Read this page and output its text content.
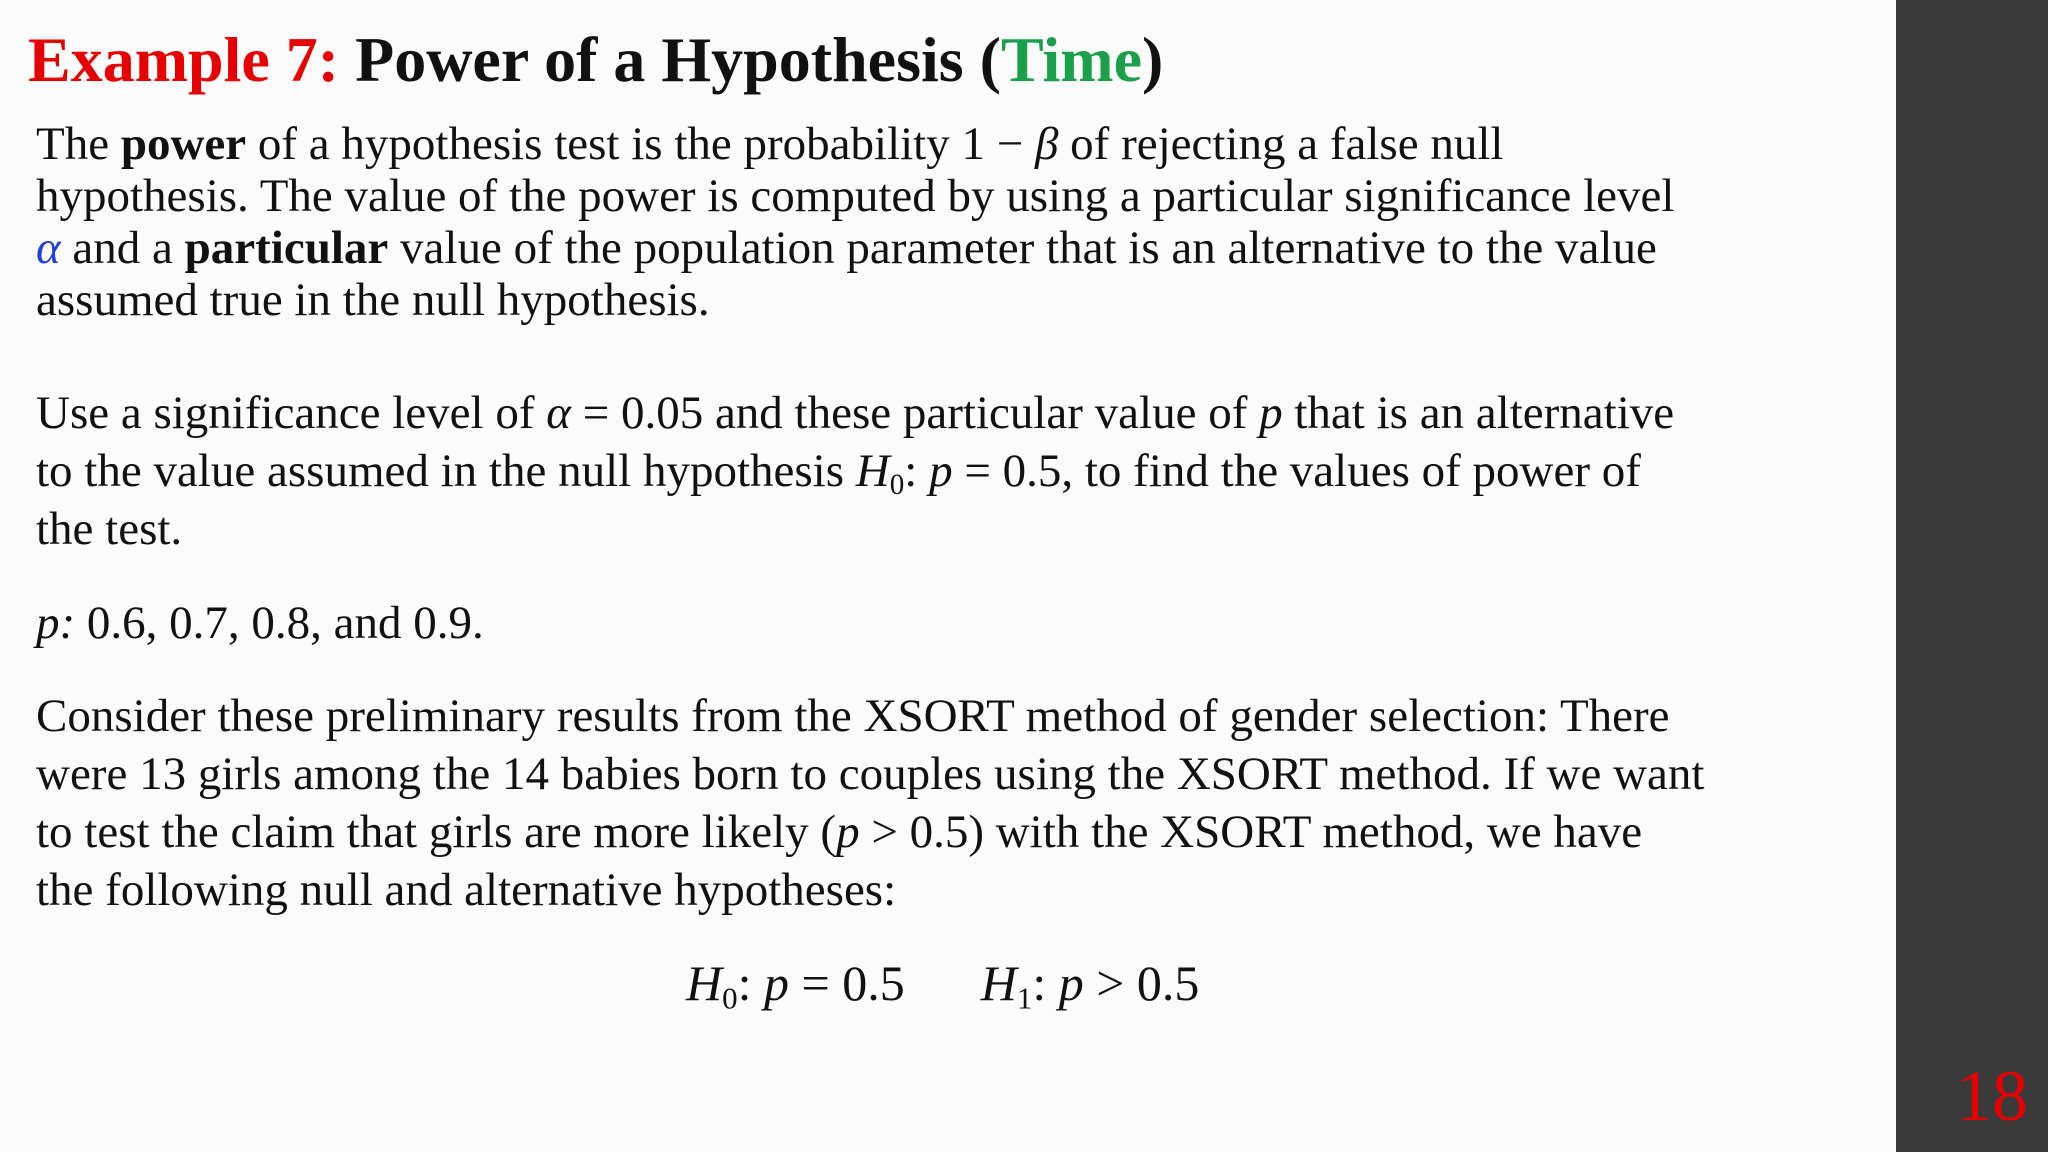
Example 7: Power of a Hypothesis (Time)
The power of a hypothesis test is the probability 1 − β of rejecting a false null
hypothesis. The value of the power is computed by using a particular significance level
α and a particular value of the population parameter that is an alternative to the value
assumed true in the null hypothesis.
Use a significance level of α = 0.05 and these particular value of p that is an alternative
to the value assumed in the null hypothesis $H_0$: p = 0.5, to find the values of power of
the test.
p: 0.6, 0.7, 0.8, and 0.9.
Consider these preliminary results from the XSORT method of gender selection: There
were 13 girls among the 14 babies born to couples using the XSORT method. If we want
to test the claim that girls are more likely (p > 0.5) with the XSORT method, we have
the following null and alternative hypotheses:
$H_0$: p = 0.5 $H_1$: p > 0.5
18
